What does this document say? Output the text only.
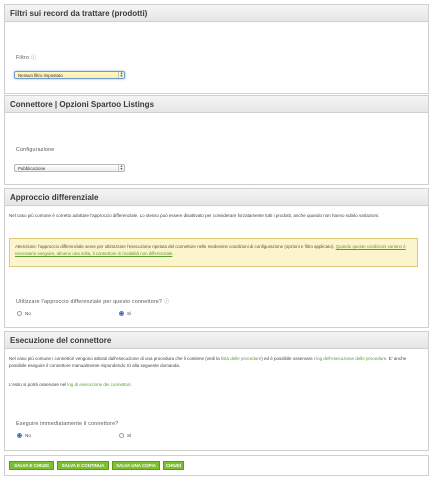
Filtri sui record da trattare (prodotti)
Filtro ⓘ
Nessun filtro impostato	▲
▼
Connettore | Opzioni Spartoo Listings
Configurazione
Pubblicazione	▲
▼
Approccio differenziale
Nel caso più comune è corretto adottare l'approccio differenziale. Lo stesso può essere disattivato per considerare forzatamente tutti i prodotti, anche quando non hanno subito variazioni.
Attenzione: l'approccio differenziale serve per ottimizzare l'esecuzione ripetuta del connettore nelle medesime condizioni di configurazione (opzioni e filtro applicato). Quando queste condizioni variano è necessario eseguire, almeno una volta, il connettore in modalità non differenziale.
Utilizzare l'approccio differenziale per questo connettore? ⓘ
No	Sì
Esecuzione del connettore
Nel caso più comune i connettori vengono attivati dall'esecuzione di una procedura che li contiene (vedi la lista delle procedure) ed è possibile osservare i log dell'esecuzione delle procedure. E' anche possibile eseguire il connettore manualmente rispondendo Sì alla seguente domanda.
L'esito si potrà osservare nel log di esecuzione dei connettori.
Eseguire immediatamente il connettore?
No	Sì
SALVA E CHIUDI	SALVA E CONTINUA	SALVA UNA COPIA	CHIUDI
